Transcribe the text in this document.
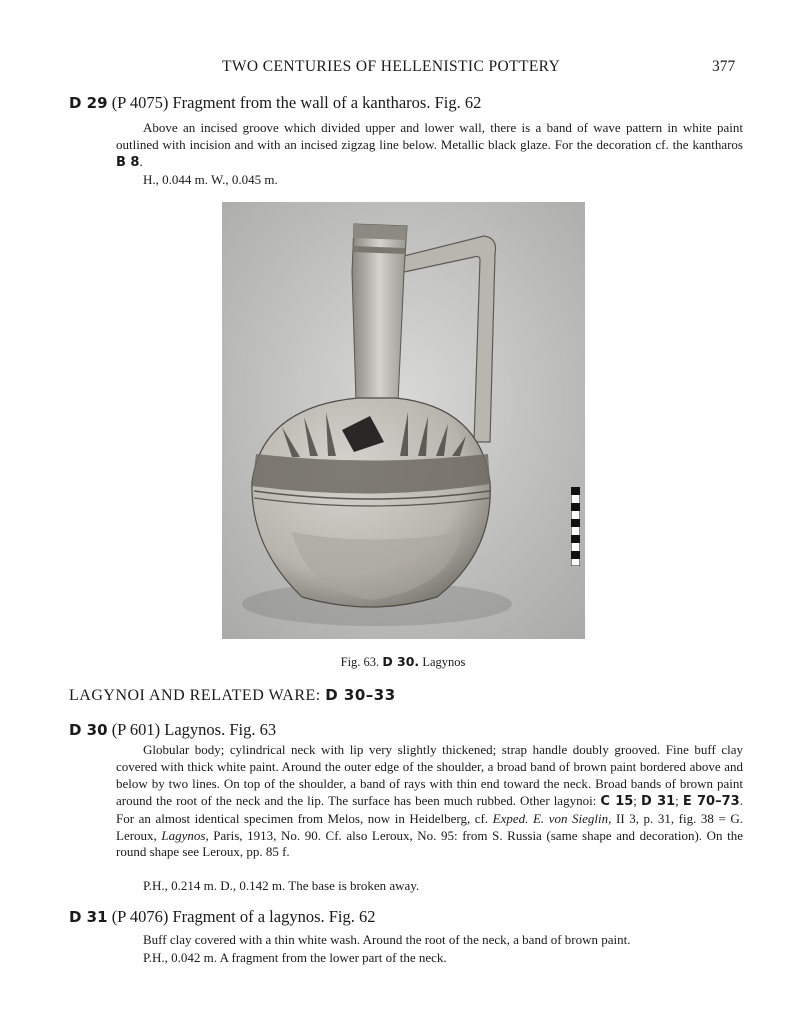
TWO CENTURIES OF HELLENISTIC POTTERY	377
D 29 (P 4075) Fragment from the wall of a kantharos. Fig. 62

Above an incised groove which divided upper and lower wall, there is a band of wave pattern in white paint outlined with incision and with an incised zigzag line below. Metallic black glaze. For the decoration cf. the kantharos B 8.

H., 0.044 m. W., 0.045 m.
Fig. 63. D 30. Lagynos
LAGYNOI AND RELATED WARE: D 30–33
D 30 (P 601) Lagynos. Fig. 63

Globular body; cylindrical neck with lip very slightly thickened; strap handle doubly grooved. Fine buff clay covered with thick white paint. Around the outer edge of the shoulder, a broad band of brown paint bordered above and below by two lines. On top of the shoulder, a band of rays with thin end toward the neck. Broad bands of brown paint around the root of the neck and the lip. The surface has been much rubbed. Other lagynoi: C 15; D 31; E 70–73. For an almost identical specimen from Melos, now in Heidelberg, cf. Exped. E. von Sieglin, II 3, p. 31, fig. 38 = G. Leroux, Lagynos, Paris, 1913, No. 90. Cf. also Leroux, No. 95: from S. Russia (same shape and decoration). On the round shape see Leroux, pp. 85 f.

P.H., 0.214 m. D., 0.142 m. The base is broken away.
D 31 (P 4076) Fragment of a lagynos. Fig. 62

Buff clay covered with a thin white wash. Around the root of the neck, a band of brown paint.

P.H., 0.042 m. A fragment from the lower part of the neck.
